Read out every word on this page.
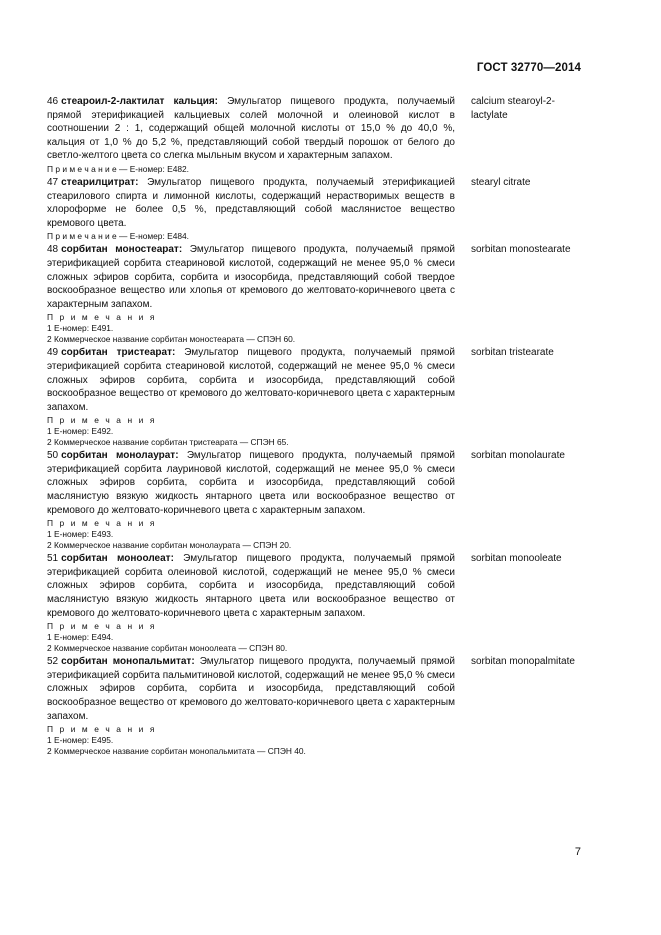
ГОСТ 32770—2014
46 стеароил-2-лактилат кальция: Эмульгатор пищевого продукта, получаемый прямой этерификацией кальциевых солей молочной и олеиновой кислот в соотношении 2 : 1, содержащий общей молочной кислоты от 15,0 % до 40,0 %, кальция от 1,0 % до 5,2 %, представляющий собой твердый порошок от белого до светло-желтого цвета со слегка мыльным вкусом и характерным запахом.
П р и м е ч а н и е — Е-номер: Е482.
calcium stearoyl-2-lactylate
47 стеарилцитрат: Эмульгатор пищевого продукта, получаемый этерификацией стеарилового спирта и лимонной кислоты, содержащий нерастворимых веществ в хлороформе не более 0,5 %, представляющий собой маслянистое вещество кремового цвета.
П р и м е ч а н и е — Е-номер: Е484.
stearyl citrate
48 сорбитан моностеарат: Эмульгатор пищевого продукта, получаемый прямой этерификацией сорбита стеариновой кислотой, содержащий не менее 95,0 % смеси сложных эфиров сорбита, сорбита и изосорбида, представляющий собой твердое воскообразное вещество или хлопья от кремового до желтовато-коричневого цвета с характерным запахом.
П р и м е ч а н и я
1 Е-номер: Е491.
2 Коммерческое название сорбитан моностеарата — СПЭН 60.
sorbitan monostearate
49 сорбитан тристеарат: Эмульгатор пищевого продукта, получаемый прямой этерификацией сорбита стеариновой кислотой, содержащий не менее 95,0 % смеси сложных эфиров сорбита, сорбита и изосорбида, представляющий собой воскообразное вещество от кремового до желтовато-коричневого цвета с характерным запахом.
П р и м е ч а н и я
1 Е-номер: Е492.
2 Коммерческое название сорбитан тристеарата — СПЭН 65.
sorbitan tristearate
50 сорбитан монолаурат: Эмульгатор пищевого продукта, получаемый прямой этерификацией сорбита лауриновой кислотой, содержащий не менее 95,0 % смеси сложных эфиров сорбита, сорбита и изосорбида, представляющий собой маслянистую вязкую жидкость янтарного цвета или воскообразное вещество от кремового до желтовато-коричневого цвета с характерным запахом.
П р и м е ч а н и я
1 Е-номер: Е493.
2 Коммерческое название сорбитан монолаурата — СПЭН 20.
sorbitan monolaurate
51 сорбитан моноолеат: Эмульгатор пищевого продукта, получаемый прямой этерификацией сорбита олеиновой кислотой, содержащий не менее 95,0 % смеси сложных эфиров сорбита, сорбита и изосорбида, представляющий собой маслянистую вязкую жидкость янтарного цвета или воскообразное вещество от кремового до желтовато-коричневого цвета с характерным запахом.
П р и м е ч а н и я
1 Е-номер: Е494.
2 Коммерческое название сорбитан моноолеата — СПЭН 80.
sorbitan monooleate
52 сорбитан монопальмитат: Эмульгатор пищевого продукта, получаемый прямой этерификацией сорбита пальмитиновой кислотой, содержащий не менее 95,0 % смеси сложных эфиров сорбита, сорбита и изосорбида, представляющий собой воскообразное вещество от кремового до желтовато-коричневого цвета с характерным запахом.
П р и м е ч а н и я
1 Е-номер: Е495.
2 Коммерческое название сорбитан монопальмитата — СПЭН 40.
sorbitan monopalmitate
7
